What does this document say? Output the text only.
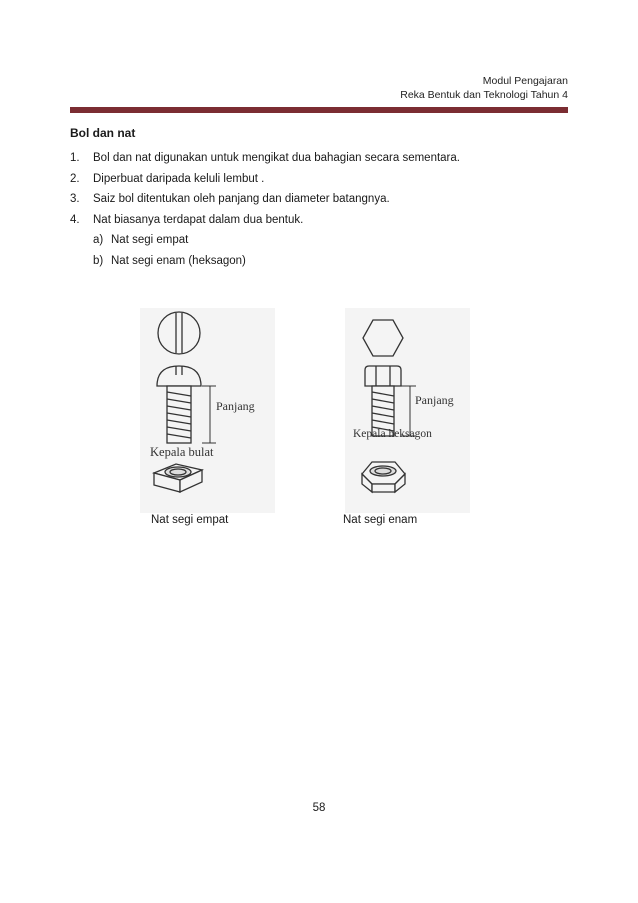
Modul Pengajaran
Reka Bentuk dan Teknologi Tahun 4
Bol dan nat
1. Bol dan nat digunakan untuk mengikat dua bahagian secara sementara.
2. Diperbuat daripada keluli lembut .
3. Saiz bol ditentukan oleh panjang dan diameter batangnya.
4. Nat biasanya terdapat dalam dua bentuk.
a) Nat segi empat
b) Nat segi enam (heksagon)
Panjang
Kepala bulat
Panjang
Kepala heksagon
Nat segi empat	Nat segi enam
58
